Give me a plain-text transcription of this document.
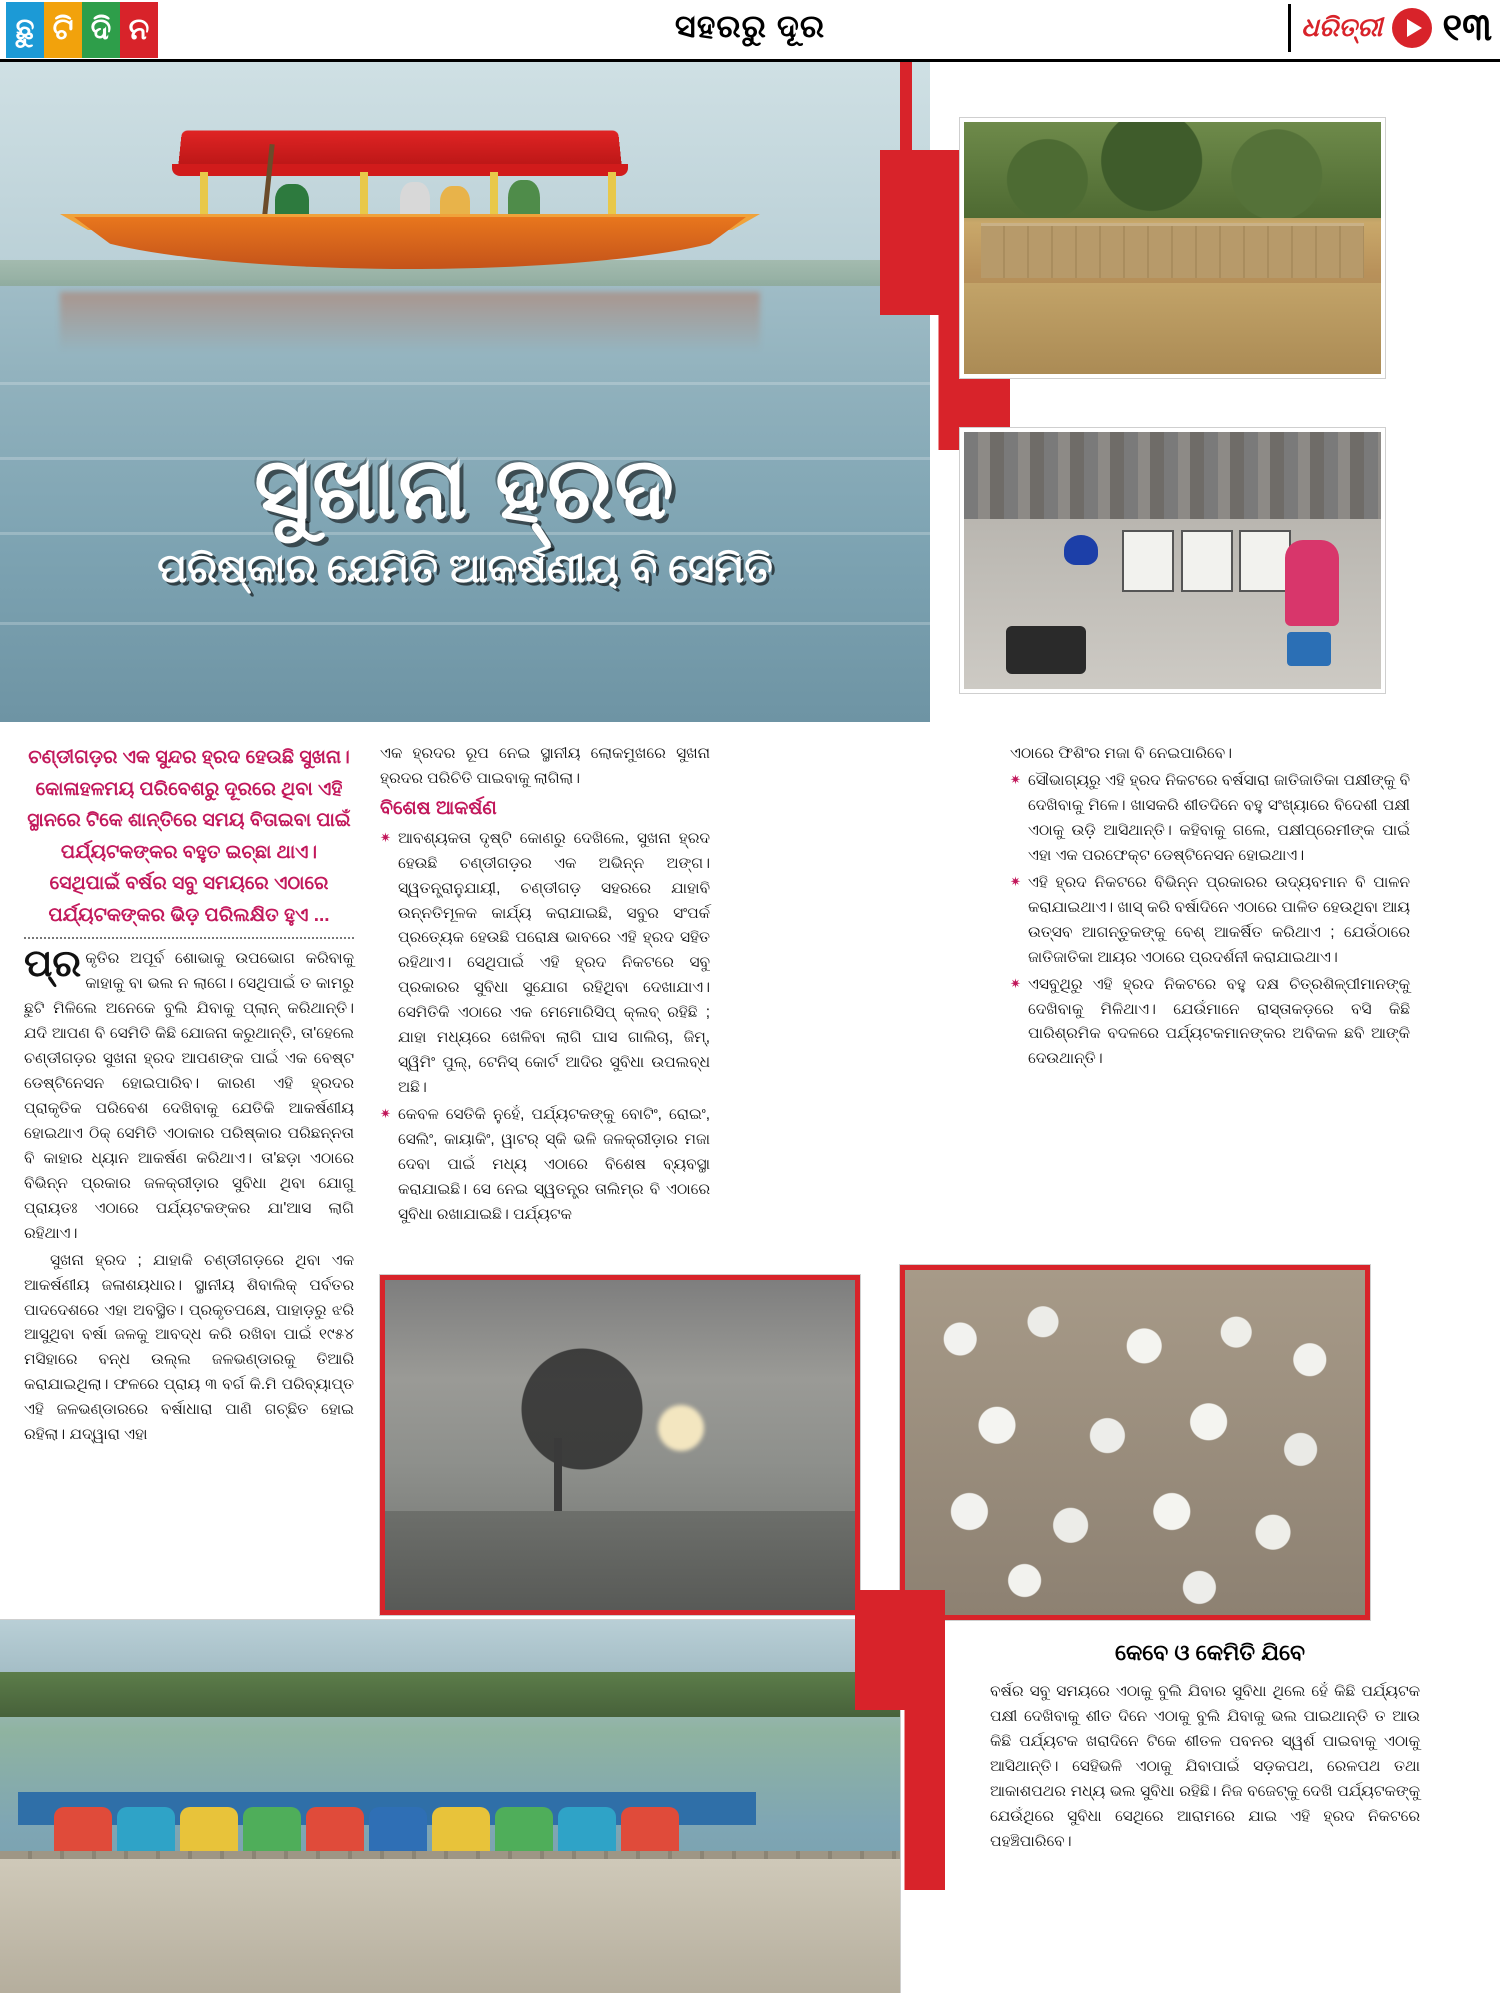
ଛୁ ଟି ଦି ନ	ସହରରୁ ଦୂର	ଧରିତ୍ରୀ ୧୩
ସୁଖାନା ହ୍ରଦ
ପରିଷ୍କାର ଯେମିତି ଆକର୍ଷଣୀୟ ବି ସେମିତି

ଚଣ୍ଡୀଗଡ଼ର ଏକ ସୁନ୍ଦର ହ୍ରଦ ହେଉଛି ସୁଖନା। କୋଳାହଳମୟ ପରିବେଶରୁ ଦୂରରେ ଥିବା ଏହି ସ୍ଥାନରେ ଟିକେ ଶାନ୍ତିରେ ସମୟ ବିତାଇବା ପାଇଁ ପର୍ଯ୍ୟଟକଙ୍କର ବହୁତ ଇଚ୍ଛା ଥାଏ। ସେଥିପାଇଁ ବର୍ଷର ସବୁ ସମୟରେ ଏଠାରେ ପର୍ଯ୍ୟଟକଙ୍କର ଭିଡ଼ ପରିଲକ୍ଷିତ ହୁଏ ...

ପ୍ରକୃତିର ଅପୂର୍ବ ଶୋଭାକୁ ଉପଭୋଗ କରିବାକୁ କାହାକୁ ବା ଭଲ ନ ଲାଗେ। ସେଥିପାଇଁ ତ କାମରୁ ଛୁଟି ମିଳିଲେ ଅନେକେ ବୁଲି ଯିବାକୁ ପ୍ଲାନ୍ କରିଥାନ୍ତି। ଯଦି ଆପଣ ବି ସେମିତି କିଛି ଯୋଜନା କରୁଥାନ୍ତି, ତା'ହେଲେ ଚଣ୍ଡୀଗଡ଼ର ସୁଖନା ହ୍ରଦ ଆପଣଙ୍କ ପାଇଁ ଏକ ବେଷ୍ଟ ଡେଷ୍ଟିନେସନ ହୋଇପାରିବ। କାରଣ ଏହି ହ୍ରଦର ପ୍ରାକୃତିକ ପରିବେଶ ଦେଖିବାକୁ ଯେତିକି ଆକର୍ଷଣୀୟ ହୋଇଥାଏ ଠିକ୍ ସେମିତି ଏଠାକାର ପରିଷ୍କାର ପରିଛନ୍ନତା ବି କାହାର ଧ୍ୟାନ ଆକର୍ଷଣ କରିଥାଏ। ତା'ଛଡ଼ା ଏଠାରେ ବିଭିନ୍ନ ପ୍ରକାର ଜଳକ୍ରୀଡ଼ାର ସୁବିଧା ଥିବା ଯୋଗୁ ପ୍ରାୟତଃ ଏଠାରେ ପର୍ଯ୍ୟଟକଙ୍କର ଯା'ଆସ ଲାଗି ରହିଥାଏ।

ସୁଖନା ହ୍ରଦ ; ଯାହାକି ଚଣ୍ଡୀଗଡ଼ରେ ଥିବା ଏକ ଆକର୍ଷଣୀୟ ଜଳାଶୟଧାର। ସ୍ଥାନୀୟ ଶିବାଲିକ୍ ପର୍ବତର ପାଦଦେଶରେ ଏହା ଅବସ୍ଥିତ। ପ୍ରକୃତପକ୍ଷେ, ପାହାଡ଼ରୁ ଝରି ଆସୁଥିବା ବର୍ଷା ଜଳକୁ ଆବଦ୍ଧ କରି ରଖିବା ପାଇଁ ୧୯୫୪ ମସିହାରେ ବନ୍ଧ ଉଲ୍ଲ ଜଳଭଣ୍ଡାରକୁ ତିଆରି କରାଯାଇଥିଲା। ଫଳରେ ପ୍ରାୟ ୩ ବର୍ଗ କି.ମି ପରିବ୍ୟାପ୍ତ ଏହି ଜଳଭଣ୍ଡାରରେ ବର୍ଷାଧାରା ପାଣି ଗଚ୍ଛିତ ହୋଇ ରହିଲା। ଯଦ୍ୱାରା ଏହା

ଏକ ହ୍ରଦର ରୂପ ନେଇ ସ୍ଥାନୀୟ ଲୋକମୁଖରେ ସୁଖନା ହ୍ରଦର ପରିଚିତି ପାଇବାକୁ ଲାଗିଲା।

ବିଶେଷ ଆକର୍ଷଣ

✷ ଆବଶ୍ୟକତା ଦୃଷ୍ଟି କୋଣରୁ ଦେଖିଲେ, ସୁଖନା ହ୍ରଦ ହେଉଛି ଚଣ୍ଡୀଗଡ଼ର ଏକ ଅଭିନ୍ନ ଅଙ୍ଗ। ସ୍ୱତନ୍ତ୍ରାନୁଯାୟୀ, ଚଣ୍ଡୀଗଡ଼ ସହରରେ ଯାହାବି ଉନ୍ନତିମୂଳକ କାର୍ଯ୍ୟ କରାଯାଇଛି, ସବୁର ସଂପର୍କ ପ୍ରତ୍ୟେକ ହେଉଛି ପରୋକ୍ଷ ଭାବରେ ଏହି ହ୍ରଦ ସହିତ ରହିଥାଏ। ସେଥିପାଇଁ ଏହି ହ୍ରଦ ନିକଟରେ ସବୁ ପ୍ରକାରର ସୁବିଧା ସୁଯୋଗ ରହିଥିବା ଦେଖାଯାଏ। ସେମିତିକି ଏଠାରେ ଏକ ମେମୋରିସିପ୍ କ୍ଲବ୍ ରହିଛି ; ଯାହା ମଧ୍ୟରେ ଖେଳିବା ଲାଗି ଘାସ ଗାଲିଚା, ଜିମ୍, ସ୍ୱିମିଂ ପୁଲ୍, ଟେନିସ୍ କୋର୍ଟ ଆଦିର ସୁବିଧା ଉପଲବ୍ଧ ଅଛି।

✷ କେବଳ ସେତିକି ନୁହେଁ, ପର୍ଯ୍ୟଟକଙ୍କୁ ବୋଟିଂ, ରୋଇଂ, ସେଲିଂ, କାୟାକିଂ, ୱାଟର୍ ସ୍କି ଭଳି ଜଳକ୍ରୀଡ଼ାର ମଜା ଦେବା ପାଇଁ ମଧ୍ୟ ଏଠାରେ ବିଶେଷ ବ୍ୟବସ୍ଥା କରାଯାଇଛି। ସେ ନେଇ ସ୍ୱତନ୍ତ୍ର ତାଲିମ୍‌ର ବି ଏଠାରେ ସୁବିଧା ରଖାଯାଇଛି। ପର୍ଯ୍ୟଟକ

ଏଠାରେ ଫିଶିଂର ମଜା ବି ନେଇପାରିବେ।

✷ ସୌଭାଗ୍ୟରୁ ଏହି ହ୍ରଦ ନିକଟରେ ବର୍ଷସାରା ଜାତିଜାତିକା ପକ୍ଷୀଙ୍କୁ ବି ଦେଖିବାକୁ ମିଳେ। ଖାସକରି ଶୀତଦିନେ ବହୁ ସଂଖ୍ୟାରେ ବିଦେଶୀ ପକ୍ଷୀ ଏଠାକୁ ଉଡ଼ି ଆସିଥାନ୍ତି। କହିବାକୁ ଗଲେ, ପକ୍ଷୀପ୍ରେମୀଙ୍କ ପାଇଁ ଏହା ଏକ ପରଫେକ୍ଟ ଡେଷ୍ଟିନେସନ ହୋଇଥାଏ।

✷ ଏହି ହ୍ରଦ ନିକଟରେ ବିଭିନ୍ନ ପ୍ରକାରର ଉଦ୍ୟବମାନ ବି ପାଳନ କରାଯାଇଥାଏ। ଖାସ୍ କରି ବର୍ଷାଦିନେ ଏଠାରେ ପାଳିତ ହେଉଥିବା ଆୟ ଉତ୍ସବ ଆଗନ୍ତୁକଙ୍କୁ ବେଶ୍ ଆକର୍ଷିତ କରିଥାଏ ; ଯେଉଁଠାରେ ଜାତିଜାତିକା ଆୟର ଏଠାରେ ପ୍ରଦର୍ଶନୀ କରାଯାଇଥାଏ।

✷ ଏସବୁଥିରୁ ଏହି ହ୍ରଦ ନିକଟରେ ବହୁ ଦକ୍ଷ ଚିତ୍ରଶିଳ୍ପୀମାନଙ୍କୁ ଦେଖିବାକୁ ମିଳିଥାଏ। ଯେଉଁମାନେ ରାସ୍ତାକଡ଼ରେ ବସି କିଛି ପାରିଶ୍ରମିକ ବଦଳରେ ପର୍ଯ୍ୟଟକମାନଙ୍କର ଅବିକଳ ଛବି ଆଙ୍କି ଦେଉଥାନ୍ତି।

କେବେ ଓ କେମିତି ଯିବେ

ବର୍ଷର ସବୁ ସମୟରେ ଏଠାକୁ ବୁଲି ଯିବାର ସୁବିଧା ଥିଲେ ହେଁ କିଛି ପର୍ଯ୍ୟଟକ ପକ୍ଷୀ ଦେଖିବାକୁ ଶୀତ ଦିନେ ଏଠାକୁ ବୁଲି ଯିବାକୁ ଭଲ ପାଇଥାନ୍ତି ତ ଆଉ କିଛି ପର୍ଯ୍ୟଟକ ଖରାଦିନେ ଟିକେ ଶୀତଳ ପବନର ସ୍ୱର୍ଶ ପାଇବାକୁ ଏଠାକୁ ଆସିଥାନ୍ତି। ସେହିଭଳି ଏଠାକୁ ଯିବାପାଇଁ ସଡ଼କପଥ, ରେଳପଥ ତଥା ଆକାଶପଥର ମଧ୍ୟ ଭଲ ସୁବିଧା ରହିଛି। ନିଜ ବଜେଟ୍‌କୁ ଦେଖି ପର୍ଯ୍ୟଟକଙ୍କୁ ଯେଉଁଥିରେ ସୁବିଧା ସେଥିରେ ଆରାମରେ ଯାଇ ଏହି ହ୍ରଦ ନିକଟରେ ପହଞ୍ଚିପାରିବେ।
